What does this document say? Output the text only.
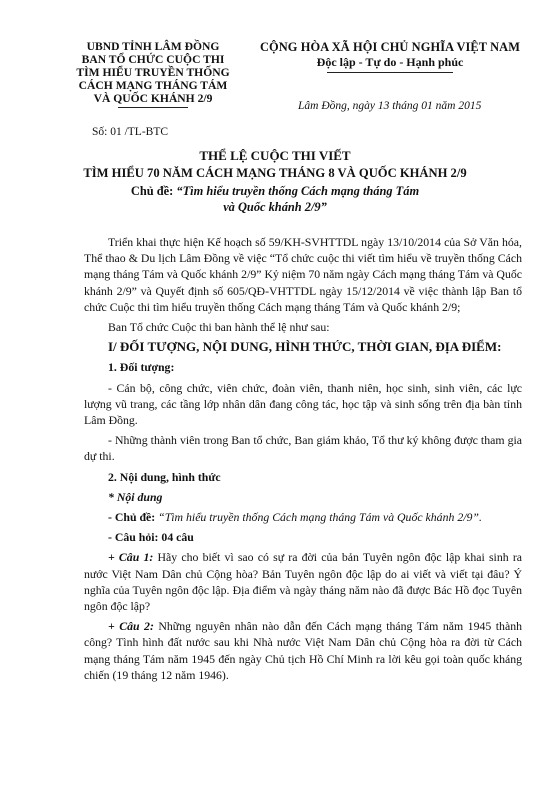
UBND TỈNH LÂM ĐỒNG
BAN TỔ CHỨC CUỘC THI
TÌM HIỂU TRUYỀN THỐNG
CÁCH MẠNG THÁNG TÁM
VÀ QUỐC KHÁNH 2/9
CỘNG HÒA XÃ HỘI CHỦ NGHĨA VIỆT NAM
Độc lập - Tự do - Hạnh phúc
Lâm Đồng, ngày 13 tháng 01 năm 2015
Số: 01 /TL-BTC
THỂ LỆ CUỘC THI VIẾT
TÌM HIỂU 70 NĂM CÁCH MẠNG THÁNG 8 VÀ QUỐC KHÁNH 2/9
Chủ đề: “Tìm hiểu truyền thống Cách mạng tháng Tám
và Quốc khánh 2/9”

Triển khai thực hiện Kế hoạch số 59/KH-SVHTTDL ngày 13/10/2014 của Sở Văn hóa, Thể thao & Du lịch Lâm Đồng về việc “Tổ chức cuộc thi viết tìm hiểu về truyền thống Cách mạng tháng Tám và Quốc khánh 2/9” Kỷ niệm 70 năm ngày Cách mạng tháng Tám và Quốc khánh 2/9” và Quyết định số 605/QĐ-VHTTDL ngày 15/12/2014 về việc thành lập Ban tổ chức Cuộc thi tìm hiểu truyền thống Cách mạng tháng Tám và Quốc khánh 2/9;

Ban Tổ chức Cuộc thi ban hành thể lệ như sau:

I/ ĐỐI TƯỢNG, NỘI DUNG, HÌNH THỨC, THỜI GIAN, ĐỊA ĐIỂM:

1. Đối tượng:

- Cán bộ, công chức, viên chức, đoàn viên, thanh niên, học sinh, sinh viên, các lực lượng vũ trang, các tầng lớp nhân dân đang công tác, học tập và sinh sống trên địa bàn tỉnh Lâm Đồng.

- Những thành viên trong Ban tổ chức, Ban giám khảo, Tổ thư ký không được tham gia dự thi.

2. Nội dung, hình thức

* Nội dung

- Chủ đề: “Tìm hiểu truyền thống Cách mạng tháng Tám và Quốc khánh 2/9”.

- Câu hỏi: 04 câu

+ Câu 1: Hãy cho biết vì sao có sự ra đời của bản Tuyên ngôn độc lập khai sinh ra nước Việt Nam Dân chủ Cộng hòa? Bản Tuyên ngôn độc lập do ai viết và viết tại đâu? Ý nghĩa của Tuyên ngôn độc lập. Địa điểm và ngày tháng năm nào đã được Bác Hồ đọc Tuyên ngôn độc lập?

+ Câu 2: Những nguyên nhân nào dẫn đến Cách mạng tháng Tám năm 1945 thành công? Tình hình đất nước sau khi Nhà nước Việt Nam Dân chủ Cộng hòa ra đời từ Cách mạng tháng Tám năm 1945 đến ngày Chủ tịch Hồ Chí Minh ra lời kêu gọi toàn quốc kháng chiến (19 tháng 12 năm 1946).
